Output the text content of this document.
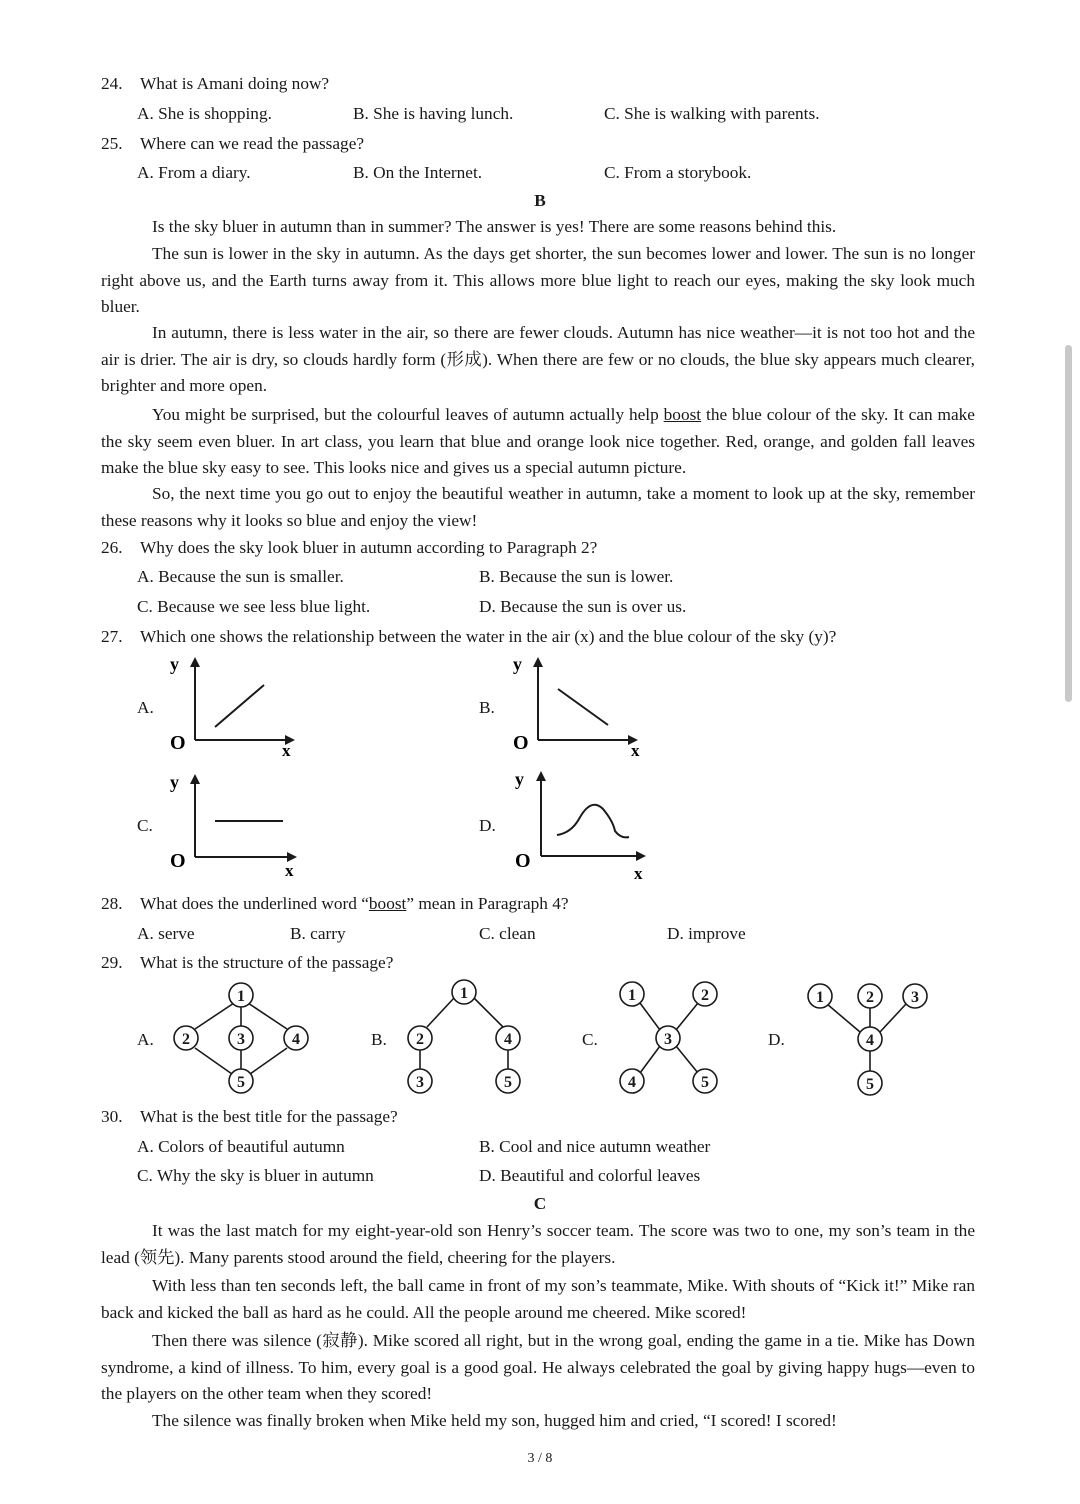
24. What is Amani doing now?
A. She is shopping.	B. She is having lunch.	C. She is walking with parents.
25. Where can we read the passage?
A. From a diary.	B. On the Internet.	C. From a storybook.
B
Is the sky bluer in autumn than in summer? The answer is yes! There are some reasons behind this.
The sun is lower in the sky in autumn. As the days get shorter, the sun becomes lower and lower. The sun is no longer right above us, and the Earth turns away from it. This allows more blue light to reach our eyes, making the sky look much bluer.
In autumn, there is less water in the air, so there are fewer clouds. Autumn has nice weather—it is not too hot and the air is drier. The air is dry, so clouds hardly form (形成). When there are few or no clouds, the blue sky appears much clearer, brighter and more open.
You might be surprised, but the colourful leaves of autumn actually help boost the blue colour of the sky. It can make the sky seem even bluer. In art class, you learn that blue and orange look nice together. Red, orange, and golden fall leaves make the blue sky easy to see. This looks nice and gives us a special autumn picture.
So, the next time you go out to enjoy the beautiful weather in autumn, take a moment to look up at the sky, remember these reasons why it looks so blue and enjoy the view!
26. Why does the sky look bluer in autumn according to Paragraph 2?
A. Because the sun is smaller.	B. Because the sun is lower.
C. Because we see less blue light.	D. Because the sun is over us.
27. Which one shows the relationship between the water in the air (x) and the blue colour of the sky (y)?
A.	B.
C.	D.
y
O	x
y
O	x
y
O	x
y
O
x
28. What does the underlined word “boost” mean in Paragraph 4?
A. serve	B. carry	C. clean	D. improve
29. What is the structure of the passage?
A.	B.	C.	D.
1
2	3	4
5
1
2	4
3	5
1	2
3
4	5
1	2 3
4
5
30. What is the best title for the passage?
A. Colors of beautiful autumn	B. Cool and nice autumn weather
C. Why the sky is bluer in autumn	D. Beautiful and colorful leaves
C
It was the last match for my eight-year-old son Henry’s soccer team. The score was two to one, my son’s team in the lead (领先). Many parents stood around the field, cheering for the players.
With less than ten seconds left, the ball came in front of my son’s teammate, Mike. With shouts of “Kick it!” Mike ran back and kicked the ball as hard as he could. All the people around me cheered. Mike scored!
Then there was silence (寂静). Mike scored all right, but in the wrong goal, ending the game in a tie. Mike has Down syndrome, a kind of illness. To him, every goal is a good goal. He always celebrated the goal by giving happy hugs—even to the players on the other team when they scored!
The silence was finally broken when Mike held my son, hugged him and cried, “I scored! I scored!
3 / 8
